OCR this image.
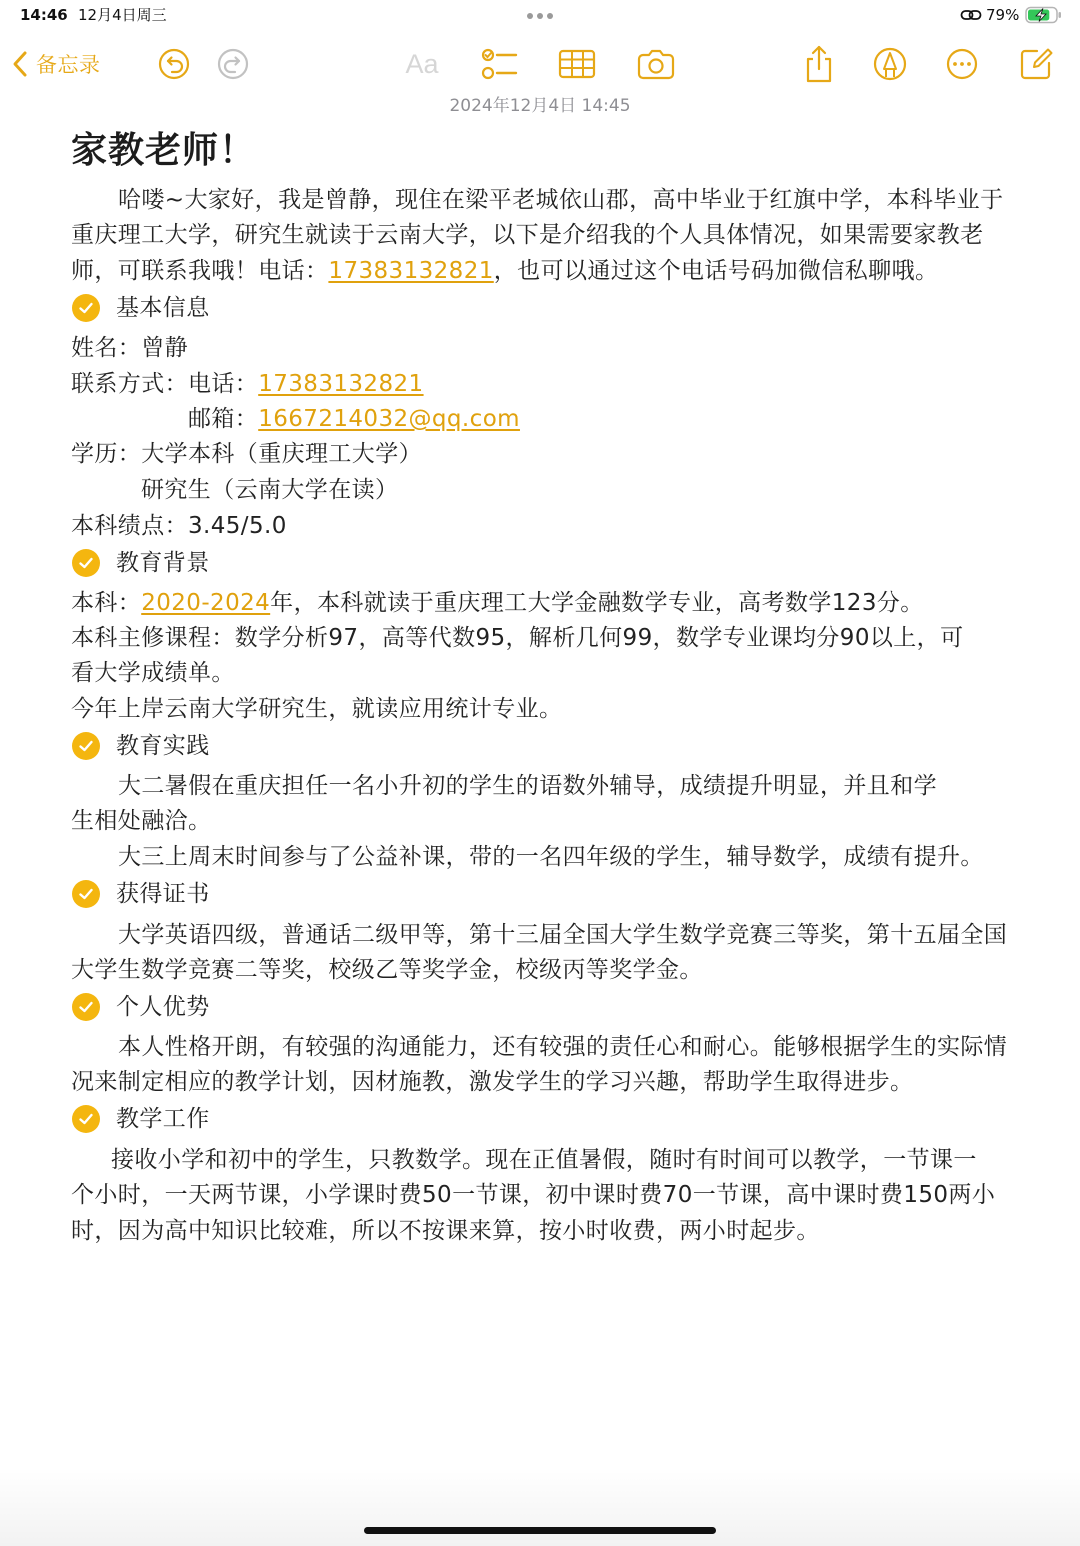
14:46 12月4日周三	79%
备忘录	Aa
2024年12月4日 14:45
家教老师！
哈喽~大家好，我是曾静，现住在梁平老城依山郡，高中毕业于红旗中学，本科毕业于
重庆理工大学，研究生就读于云南大学，以下是介绍我的个人具体情况，如果需要家教老
师，可联系我哦！电话：17383132821，也可以通过这个电话号码加微信私聊哦。
基本信息
姓名：曾静
联系方式：电话：17383132821
邮箱：1667214032@qq.com
学历：大学本科（重庆理工大学）
研究生（云南大学在读）
本科绩点：3.45/5.0
教育背景
本科：2020-2024年，本科就读于重庆理工大学金融数学专业，高考数学123分。
本科主修课程：数学分析97，高等代数95，解析几何99，数学专业课均分90以上，可
看大学成绩单。
今年上岸云南大学研究生，就读应用统计专业。
教育实践
大二暑假在重庆担任一名小升初的学生的语数外辅导，成绩提升明显，并且和学
生相处融洽。
大三上周末时间参与了公益补课，带的一名四年级的学生，辅导数学，成绩有提升。
获得证书
大学英语四级，普通话二级甲等，第十三届全国大学生数学竞赛三等奖，第十五届全国
大学生数学竞赛二等奖，校级乙等奖学金，校级丙等奖学金。
个人优势
本人性格开朗，有较强的沟通能力，还有较强的责任心和耐心。能够根据学生的实际情
况来制定相应的教学计划，因材施教，激发学生的学习兴趣，帮助学生取得进步。
教学工作
接收小学和初中的学生，只教数学。现在正值暑假，随时有时间可以教学，一节课一
个小时，一天两节课，小学课时费50一节课，初中课时费70一节课，高中课时费150两小
时，因为高中知识比较难，所以不按课来算，按小时收费，两小时起步。
